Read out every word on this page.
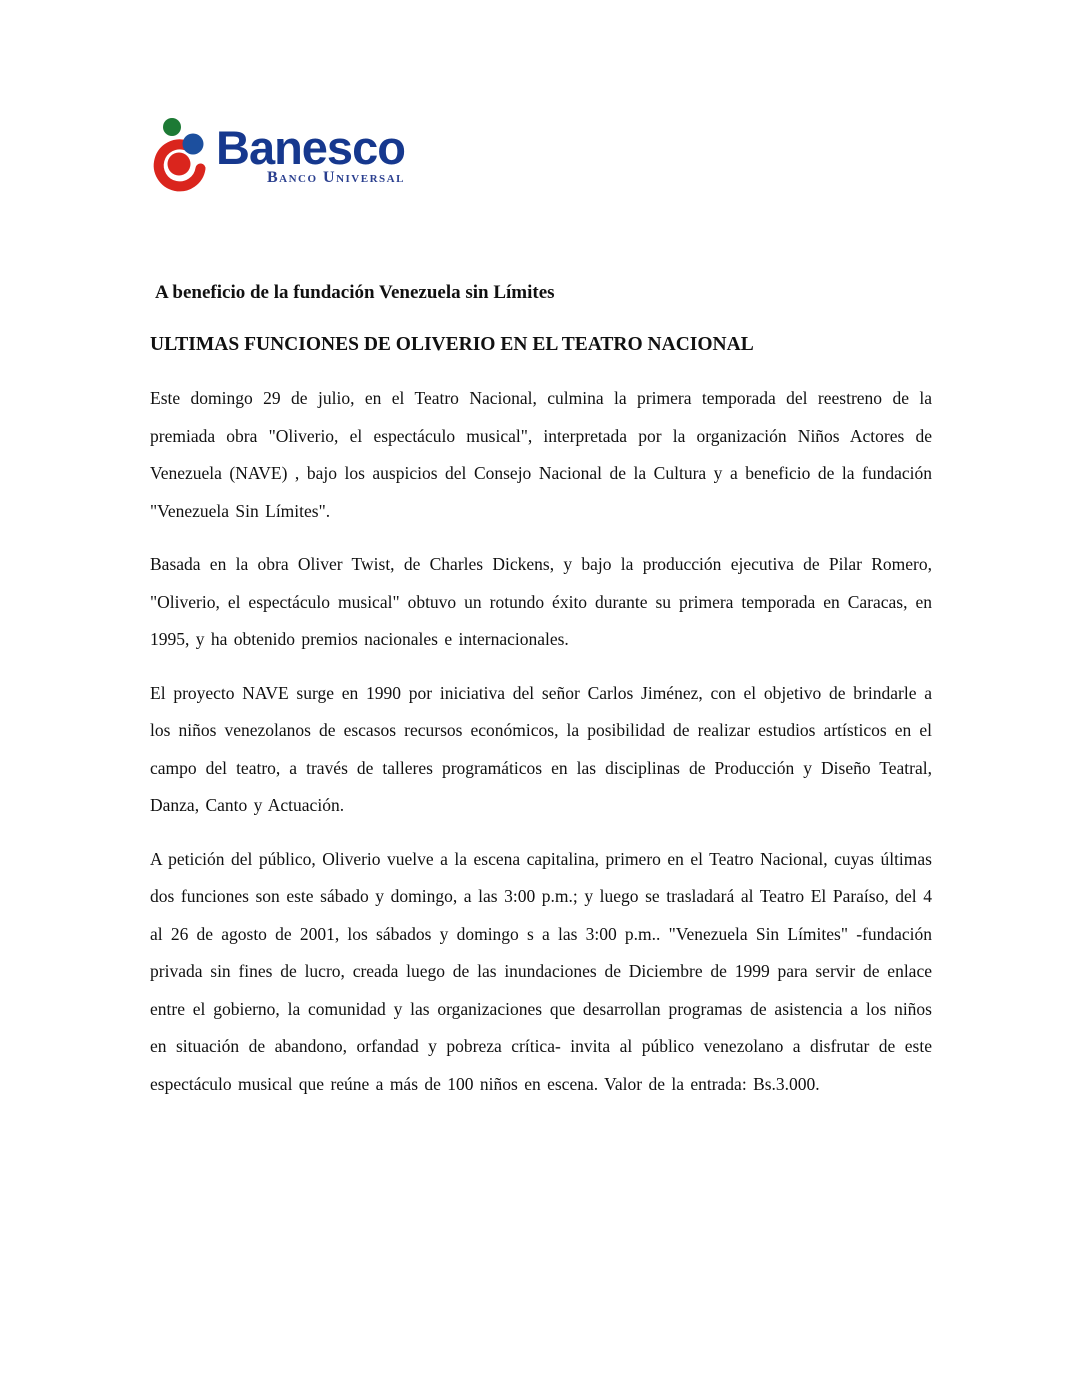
Banesco
Banco Universal
A beneficio de la fundación Venezuela sin Límites
ULTIMAS FUNCIONES DE OLIVERIO EN EL TEATRO NACIONAL

Este domingo 29 de julio, en el Teatro Nacional, culmina la primera temporada del reestreno de la premiada obra "Oliverio, el espectáculo musical", interpretada por la organización Niños Actores de Venezuela (NAVE) , bajo los auspicios del Consejo Nacional de la Cultura y a beneficio de la fundación "Venezuela Sin Límites".

Basada en la obra Oliver Twist, de Charles Dickens, y bajo la producción ejecutiva de Pilar Romero, "Oliverio, el espectáculo musical" obtuvo un rotundo éxito durante su primera temporada en Caracas, en 1995, y ha obtenido premios nacionales e internacionales.

El proyecto NAVE surge en 1990 por iniciativa del señor Carlos Jiménez, con el objetivo de brindarle a los niños venezolanos de escasos recursos económicos, la posibilidad de realizar estudios artísticos en el campo del teatro, a través de talleres programáticos en las disciplinas de Producción y Diseño Teatral, Danza, Canto y Actuación.

A petición del público, Oliverio vuelve a la escena capitalina, primero en el Teatro Nacional, cuyas últimas dos funciones son este sábado y domingo, a las 3:00 p.m.; y luego se trasladará al Teatro El Paraíso, del 4 al 26 de agosto de 2001, los sábados y domingo s a las 3:00 p.m.. "Venezuela Sin Límites" -fundación privada sin fines de lucro, creada luego de las inundaciones de Diciembre de 1999 para servir de enlace entre el gobierno, la comunidad y las organizaciones que desarrollan programas de asistencia a los niños en situación de abandono, orfandad y pobreza crítica- invita al público venezolano a disfrutar de este espectáculo musical que reúne a más de 100 niños en escena. Valor de la entrada: Bs.3.000.
